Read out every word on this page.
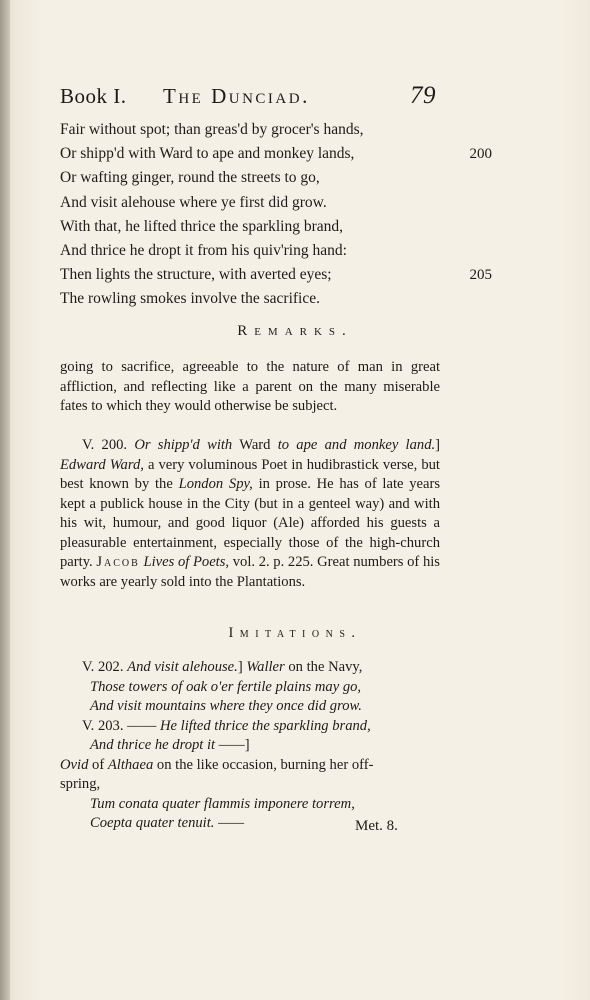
Book I. The Dunciad.	79
Fair without spot; than greas'd by grocer's hands,
Or shipp'd with Ward to ape and monkey lands,	200
Or wafting ginger, round the streets to go,
And visit alehouse where ye first did grow.
With that, he lifted thrice the sparkling brand,
And thrice he dropt it from his quiv'ring hand:
Then lights the structure, with averted eyes;	205
The rowling smokes involve the sacrifice.
Remarks.

going to sacrifice, agreeable to the nature of man in great affliction, and reflecting like a parent on the many miserable fates to which they would otherwise be subject.

V. 200. Or shipp'd with Ward to ape and monkey land.] Edward Ward, a very voluminous Poet in hudibrastick verse, but best known by the London Spy, in prose. He has of late years kept a publick house in the City (but in a genteel way) and with his wit, humour, and good liquor (Ale) afforded his guests a pleasurable entertainment, especially those of the high-church party. Jacob Lives of Poets, vol. 2. p. 225. Great numbers of his works are yearly sold into the Plantations.

Imitations.
V. 202. And visit alehouse.] Waller on the Navy,
Those towers of oak o'er fertile plains may go,
And visit mountains where they once did grow.
V. 203. —— He lifted thrice the sparkling brand,
And thrice he dropt it ——]
Ovid of Althaea on the like occasion, burning her off-
spring,
Tum conata quater flammis imponere torrem,
Coepta quater tenuit. ——	Met. 8.
